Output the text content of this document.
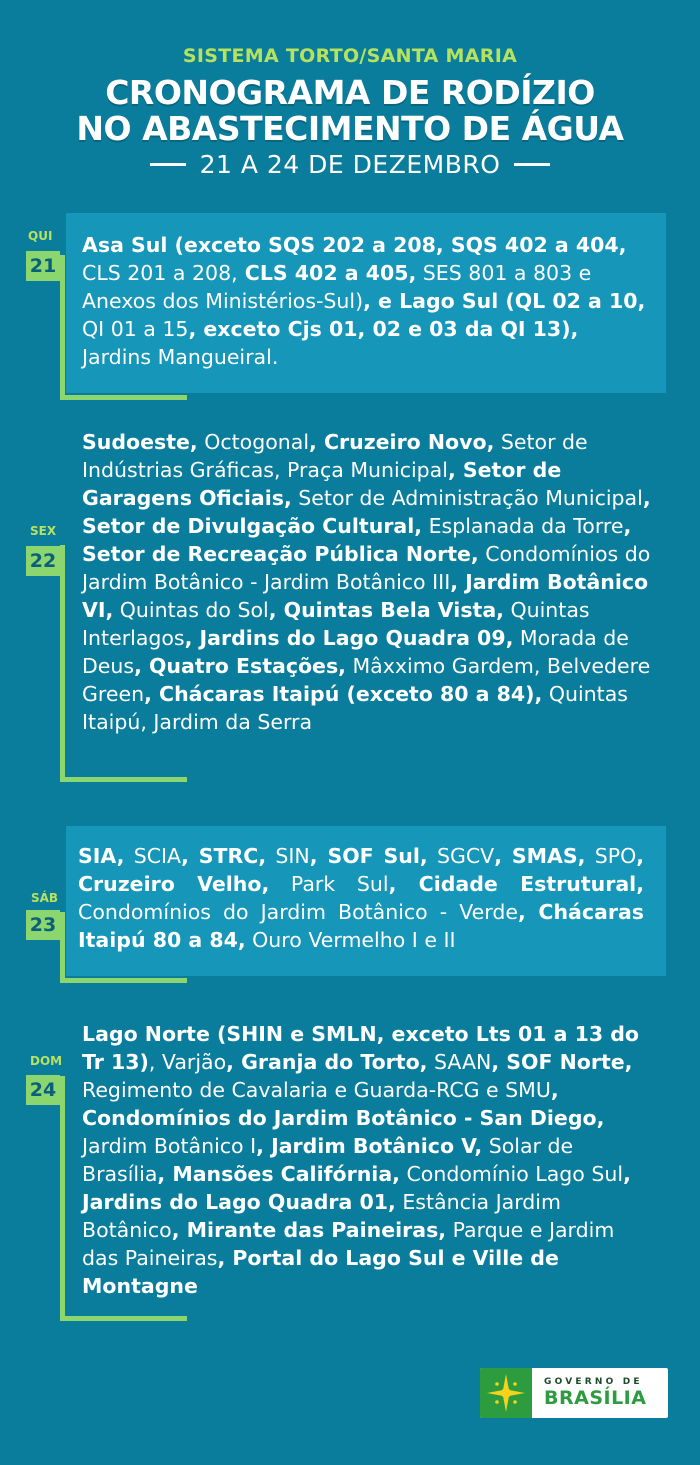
SISTEMA TORTO/SANTA MARIA
CRONOGRAMA DE RODÍZIO
NO ABASTECIMENTO DE ÁGUA
21 A 24 DE DEZEMBRO
QUI
21
Asa Sul (exceto SQS 202 a 208, SQS 402 a 404, CLS 201 a 208, CLS 402 a 405, SES 801 a 803 e Anexos dos Ministérios-Sul), e Lago Sul (QL 02 a 10, QI 01 a 15, exceto Cjs 01, 02 e 03 da QI 13), Jardins Mangueiral.
SEX
22
Sudoeste, Octogonal, Cruzeiro Novo, Setor de Indústrias Gráficas, Praça Municipal, Setor de Garagens Oficiais, Setor de Administração Municipal, Setor de Divulgação Cultural, Esplanada da Torre, Setor de Recreação Pública Norte, Condomínios do Jardim Botânico - Jardim Botânico III, Jardim Botânico VI, Quintas do Sol, Quintas Bela Vista, Quintas Interlagos, Jardins do Lago Quadra 09, Morada de Deus, Quatro Estações, Mâxximo Gardem, Belvedere Green, Chácaras Itaipú (exceto 80 a 84), Quintas Itaipú, Jardim da Serra
SÁB
23
SIA, SCIA, STRC, SIN, SOF Sul, SGCV, SMAS, SPO, Cruzeiro Velho, Park Sul, Cidade Estrutural, Condomínios do Jardim Botânico - Verde, Chácaras Itaipú 80 a 84, Ouro Vermelho I e II
DOM
24
Lago Norte (SHIN e SMLN, exceto Lts 01 a 13 do Tr 13), Varjão, Granja do Torto, SAAN, SOF Norte, Regimento de Cavalaria e Guarda-RCG e SMU, Condomínios do Jardim Botânico - San Diego, Jardim Botânico I, Jardim Botânico V, Solar de Brasília, Mansões Califórnia, Condomínio Lago Sul, Jardins do Lago Quadra 01, Estância Jardim Botânico, Mirante das Paineiras, Parque e Jardim das Paineiras, Portal do Lago Sul e Ville de Montagne
GOVERNO DE
BRASÍLIA
